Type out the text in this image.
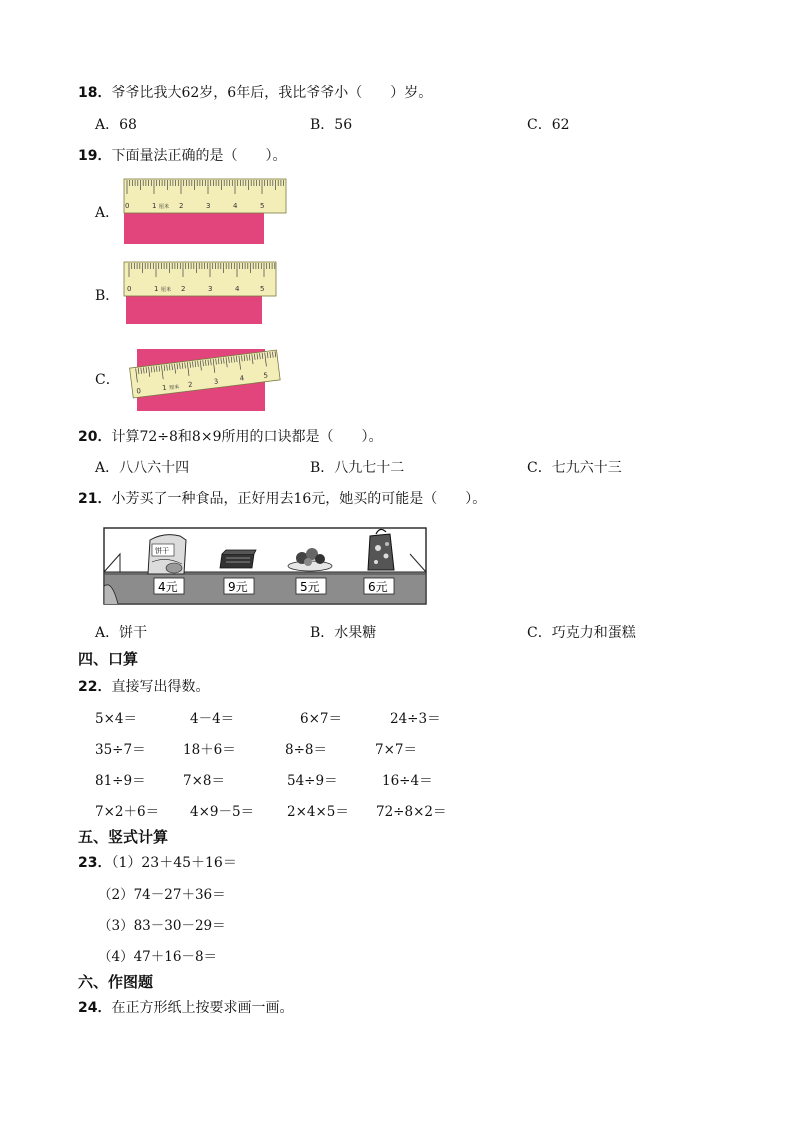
18．爷爷比我大62岁，6年后，我比爷爷小（　　）岁。
A．68	B．56	C．62
19．下面量法正确的是（　　）。
A． 0	1 厘米 2	3	4	5
B． 0	1 厘米 2	3	4	5
C．
0	1 厘米 2	3	4	5
20．计算72÷8和8×9所用的口诀都是（　　）。
A．八八六十四	B．八九七十二	C．七九六十三
21．小芳买了一种食品，正好用去16元，她买的可能是（　　）。
饼干
4元	9元	5元	6元
A．饼干	B．水果糖	C．巧克力和蛋糕
四、口算
22．直接写出得数。
5×4＝	4－4＝	6×7＝	24÷3＝
35÷7＝	18＋6＝	8÷8＝	7×7＝
81÷9＝	7×8＝	54÷9＝	16÷4＝
7×2＋6＝ 4×9－5＝ 2×4×5＝ 72÷8×2＝
五、竖式计算
23．（1）23＋45＋16＝
（2）74－27＋36＝
（3）83－30－29＝
（4）47＋16－8＝
六、作图题
24．在正方形纸上按要求画一画。
